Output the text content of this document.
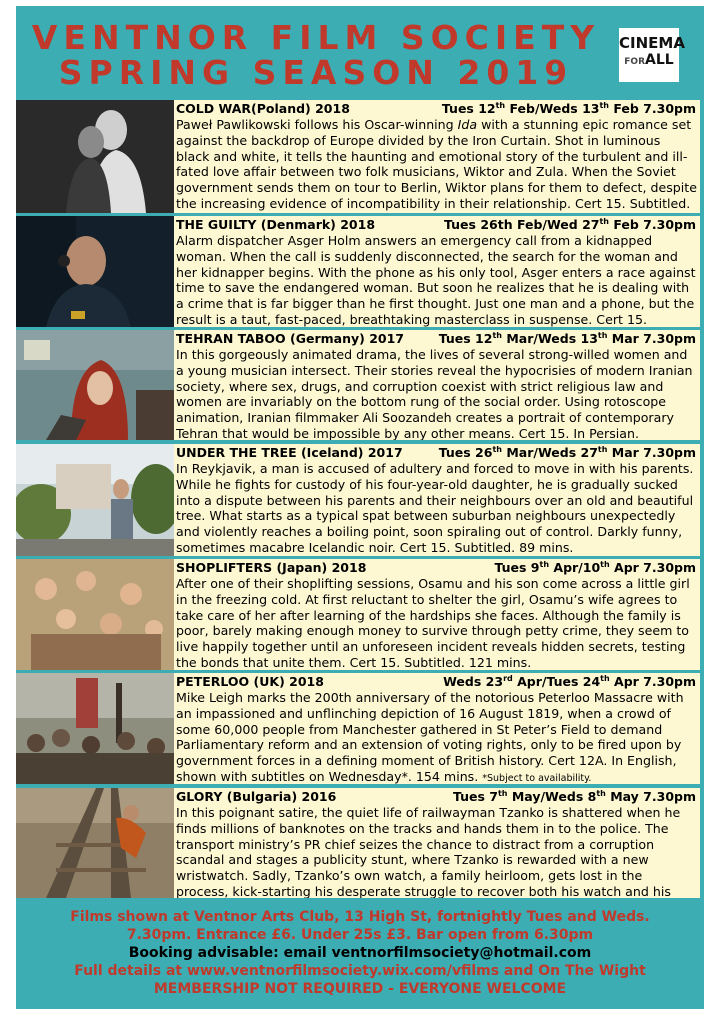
VENTNOR FILM SOCIETY
SPRING SEASON 2019
CINEMA
FORALL
COLD WAR(Poland) 2018	Tues 12th Feb/Weds 13th Feb 7.30pm
Paweł Pawlikowski follows his Oscar-winning Ida with a stunning epic romance set against the backdrop of Europe divided by the Iron Curtain. Shot in luminous black and white, it tells the haunting and emotional story of the turbulent and ill-fated love affair between two folk musicians, Wiktor and Zula. When the Soviet government sends them on tour to Berlin, Wiktor plans for them to defect, despite the increasing evidence of incompatibility in their relationship. Cert 15. Subtitled.
THE GUILTY (Denmark) 2018	Tues 26th Feb/Wed 27th Feb 7.30pm
Alarm dispatcher Asger Holm answers an emergency call from a kidnapped woman. When the call is suddenly disconnected, the search for the woman and her kidnapper begins. With the phone as his only tool, Asger enters a race against time to save the endangered woman. But soon he realizes that he is dealing with a crime that is far bigger than he first thought. Just one man and a phone, but the result is a taut, fast-paced, breathtaking masterclass in suspense. Cert 15.
TEHRAN TABOO (Germany) 2017	Tues 12th Mar/Weds 13th Mar 7.30pm
In this gorgeously animated drama, the lives of several strong-willed women and a young musician intersect. Their stories reveal the hypocrisies of modern Iranian society, where sex, drugs, and corruption coexist with strict religious law and women are invariably on the bottom rung of the social order. Using rotoscope animation, Iranian filmmaker Ali Soozandeh creates a portrait of contemporary Tehran that would be impossible by any other means. Cert 15. In Persian.
UNDER THE TREE (Iceland) 2017	Tues 26th Mar/Weds 27th Mar 7.30pm
In Reykjavik, a man is accused of adultery and forced to move in with his parents. While he fights for custody of his four-year-old daughter, he is gradually sucked into a dispute between his parents and their neighbours over an old and beautiful tree. What starts as a typical spat between suburban neighbours unexpectedly and violently reaches a boiling point, soon spiraling out of control. Darkly funny, sometimes macabre Icelandic noir. Cert 15. Subtitled. 89 mins.
SHOPLIFTERS (Japan) 2018	Tues 9th Apr/10th Apr 7.30pm
After one of their shoplifting sessions, Osamu and his son come across a little girl in the freezing cold. At first reluctant to shelter the girl, Osamu’s wife agrees to take care of her after learning of the hardships she faces. Although the family is poor, barely making enough money to survive through petty crime, they seem to live happily together until an unforeseen incident reveals hidden secrets, testing the bonds that unite them. Cert 15. Subtitled. 121 mins.
PETERLOO (UK) 2018	Weds 23rd Apr/Tues 24th Apr 7.30pm
Mike Leigh marks the 200th anniversary of the notorious Peterloo Massacre with an impassioned and unflinching depiction of 16 August 1819, when a crowd of some 60,000 people from Manchester gathered in St Peter’s Field to demand Parliamentary reform and an extension of voting rights, only to be fired upon by government forces in a defining moment of British history. Cert 12A. In English, shown with subtitles on Wednesday*. 154 mins. *Subject to availability.
GLORY (Bulgaria) 2016	Tues 7th May/Weds 8th May 7.30pm
In this poignant satire, the quiet life of railwayman Tzanko is shattered when he finds millions of banknotes on the tracks and hands them in to the police. The transport ministry’s PR chief seizes the chance to distract from a corruption scandal and stages a publicity stunt, where Tzanko is rewarded with a new wristwatch. Sadly, Tzanko’s own watch, a family heirloom, gets lost in the process, kick-starting his desperate struggle to recover both his watch and his
Films shown at Ventnor Arts Club, 13 High St, fortnightly Tues and Weds.
7.30pm. Entrance £6. Under 25s £3. Bar open from 6.30pm
Booking advisable: email ventnorfilmsociety@hotmail.com
Full details at www.ventnorfilmsociety.wix.com/vfilms and On The Wight
MEMBERSHIP NOT REQUIRED - EVERYONE WELCOME
